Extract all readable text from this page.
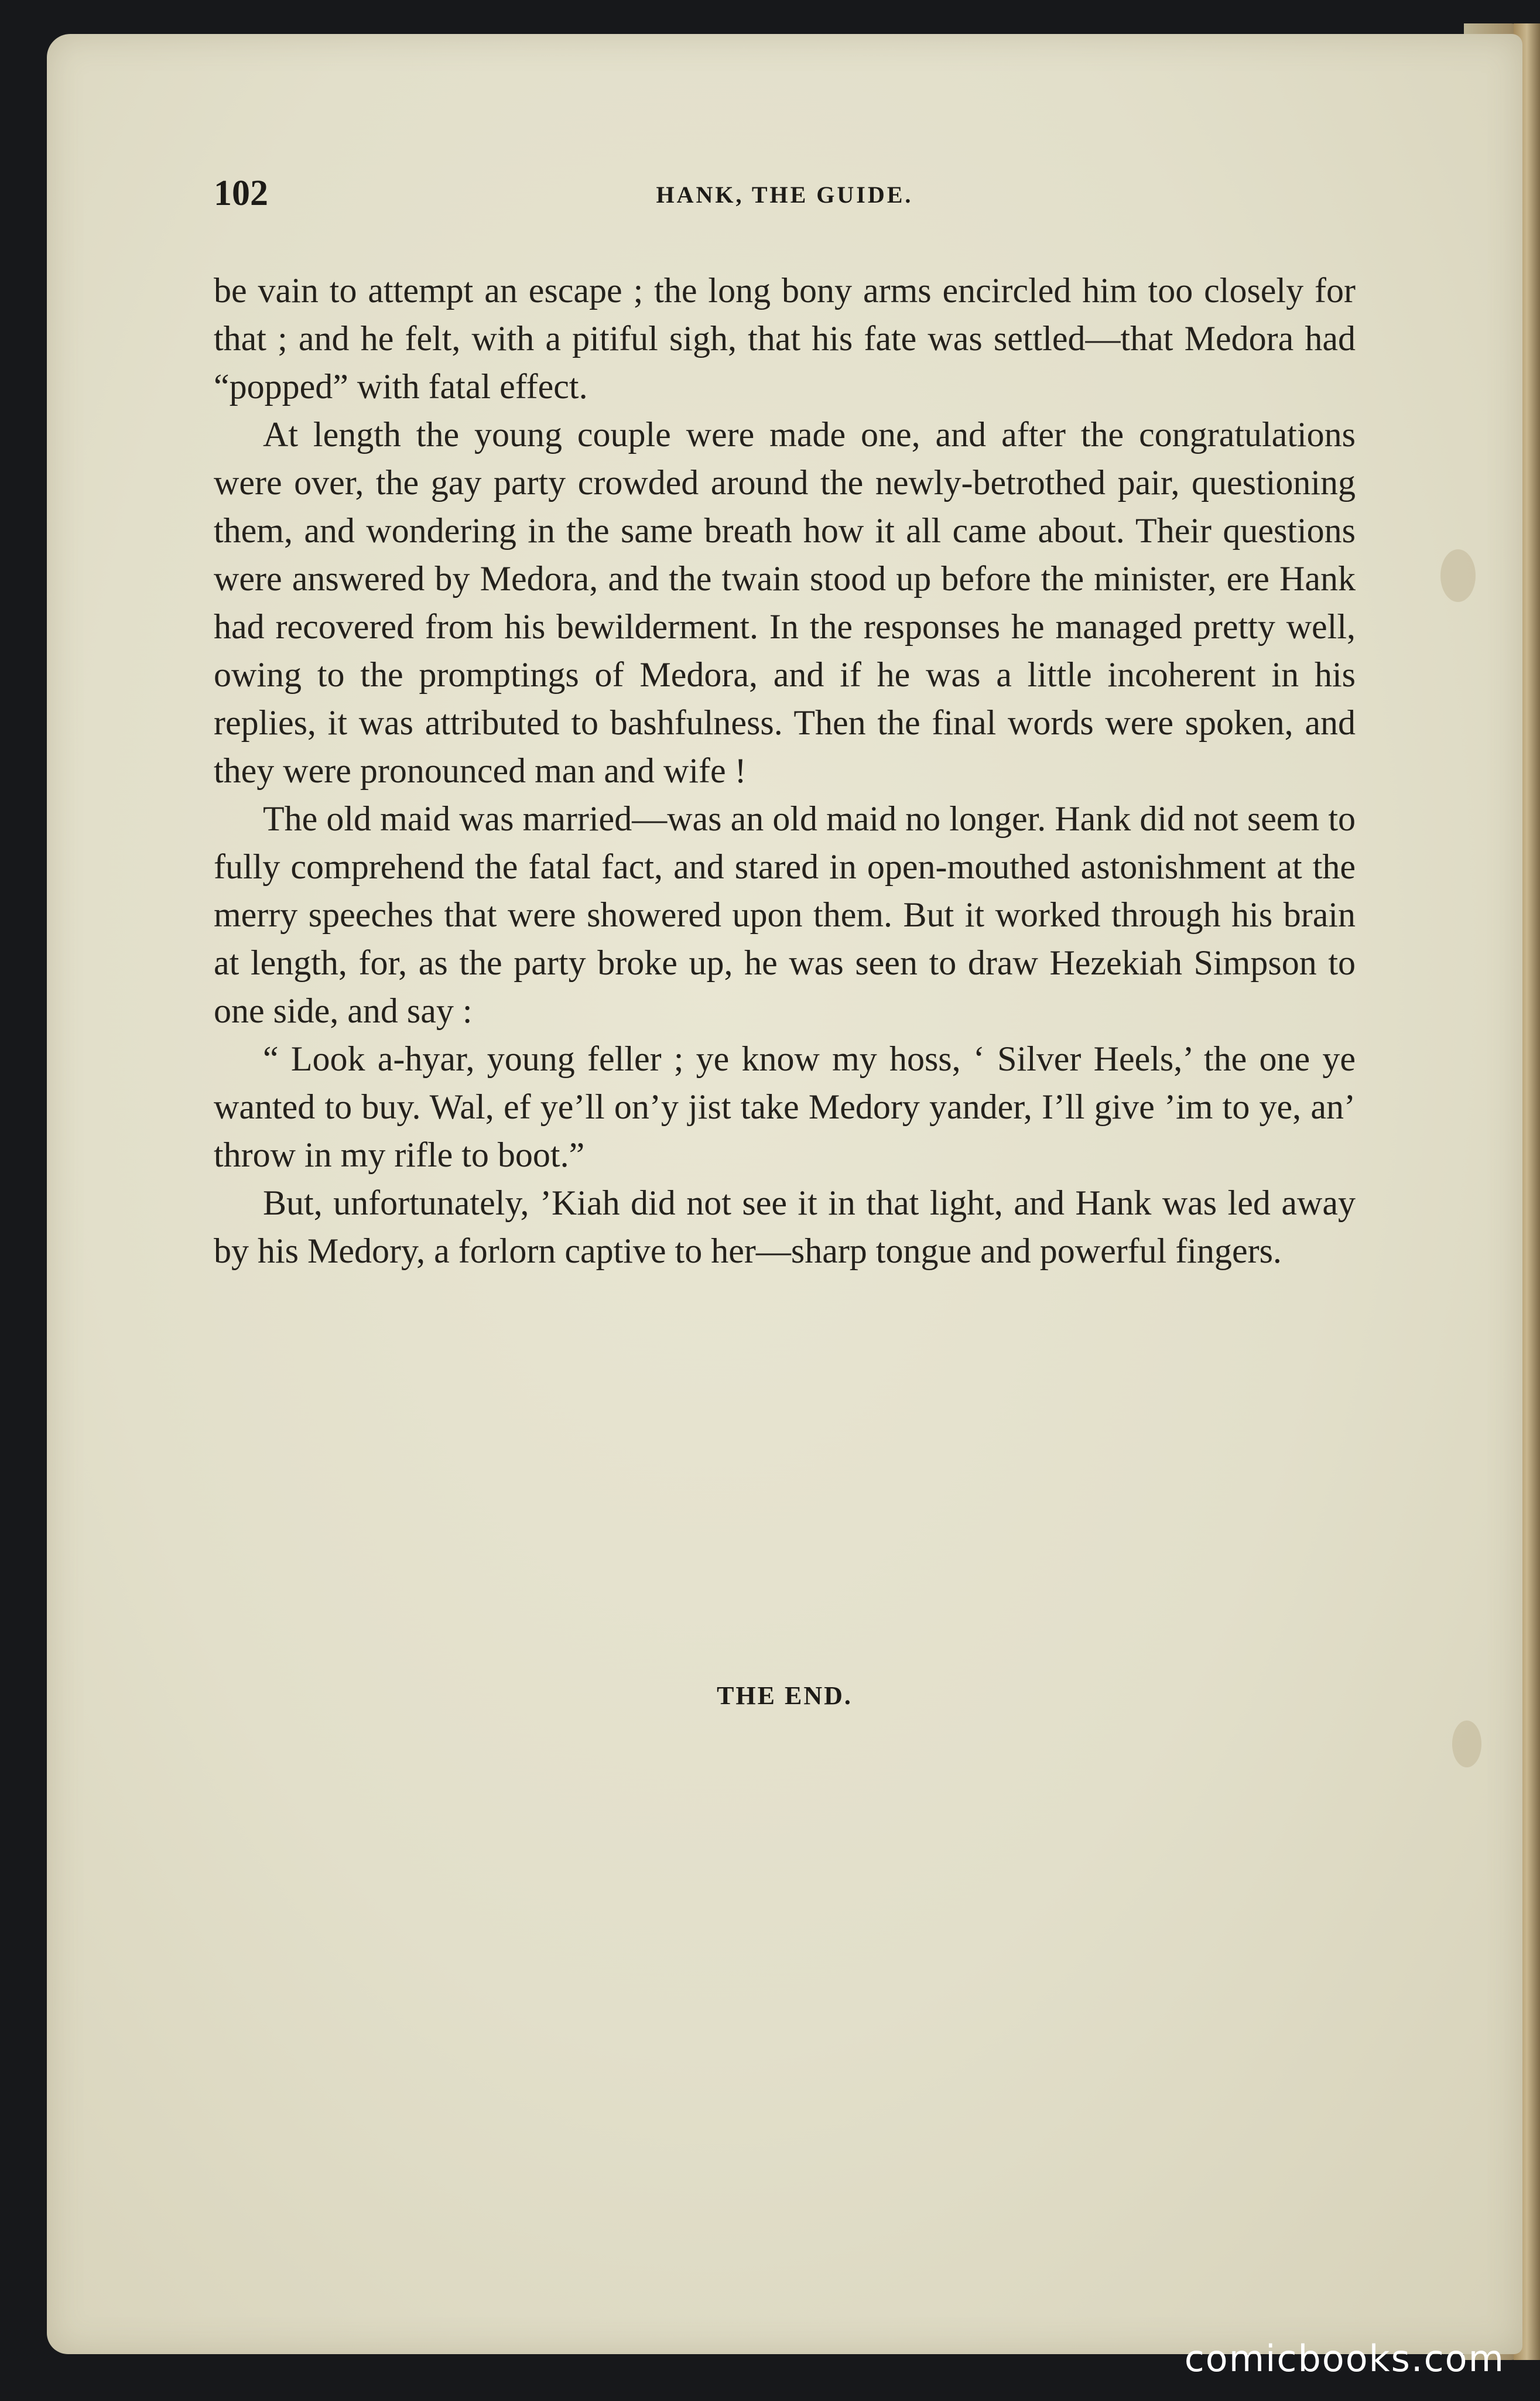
102	HANK, THE GUIDE.

be vain to attempt an escape ; the long bony arms encircled him too closely for that ; and he felt, with a pitiful sigh, that his fate was settled—that Medora had “popped” with fatal effect.

At length the young couple were made one, and after the congratulations were over, the gay party crowded around the newly-betrothed pair, questioning them, and wondering in the same breath how it all came about. Their questions were answered by Medora, and the twain stood up before the minister, ere Hank had recovered from his bewilderment. In the responses he managed pretty well, owing to the promptings of Medora, and if he was a little incoherent in his replies, it was attributed to bashfulness. Then the final words were spoken, and they were pronounced man and wife !

The old maid was married—was an old maid no longer. Hank did not seem to fully comprehend the fatal fact, and stared in open-mouthed astonishment at the merry speeches that were showered upon them. But it worked through his brain at length, for, as the party broke up, he was seen to draw Hezekiah Simpson to one side, and say :

“ Look a-hyar, young feller ; ye know my hoss, ‘ Silver Heels,’ the one ye wanted to buy. Wal, ef ye’ll on’y jist take Medory yander, I’ll give ’im to ye, an’ throw in my rifle to boot.”

But, unfortunately, ’Kiah did not see it in that light, and Hank was led away by his Medory, a forlorn captive to her—sharp tongue and powerful fingers.

THE END.
comicbooks.com
